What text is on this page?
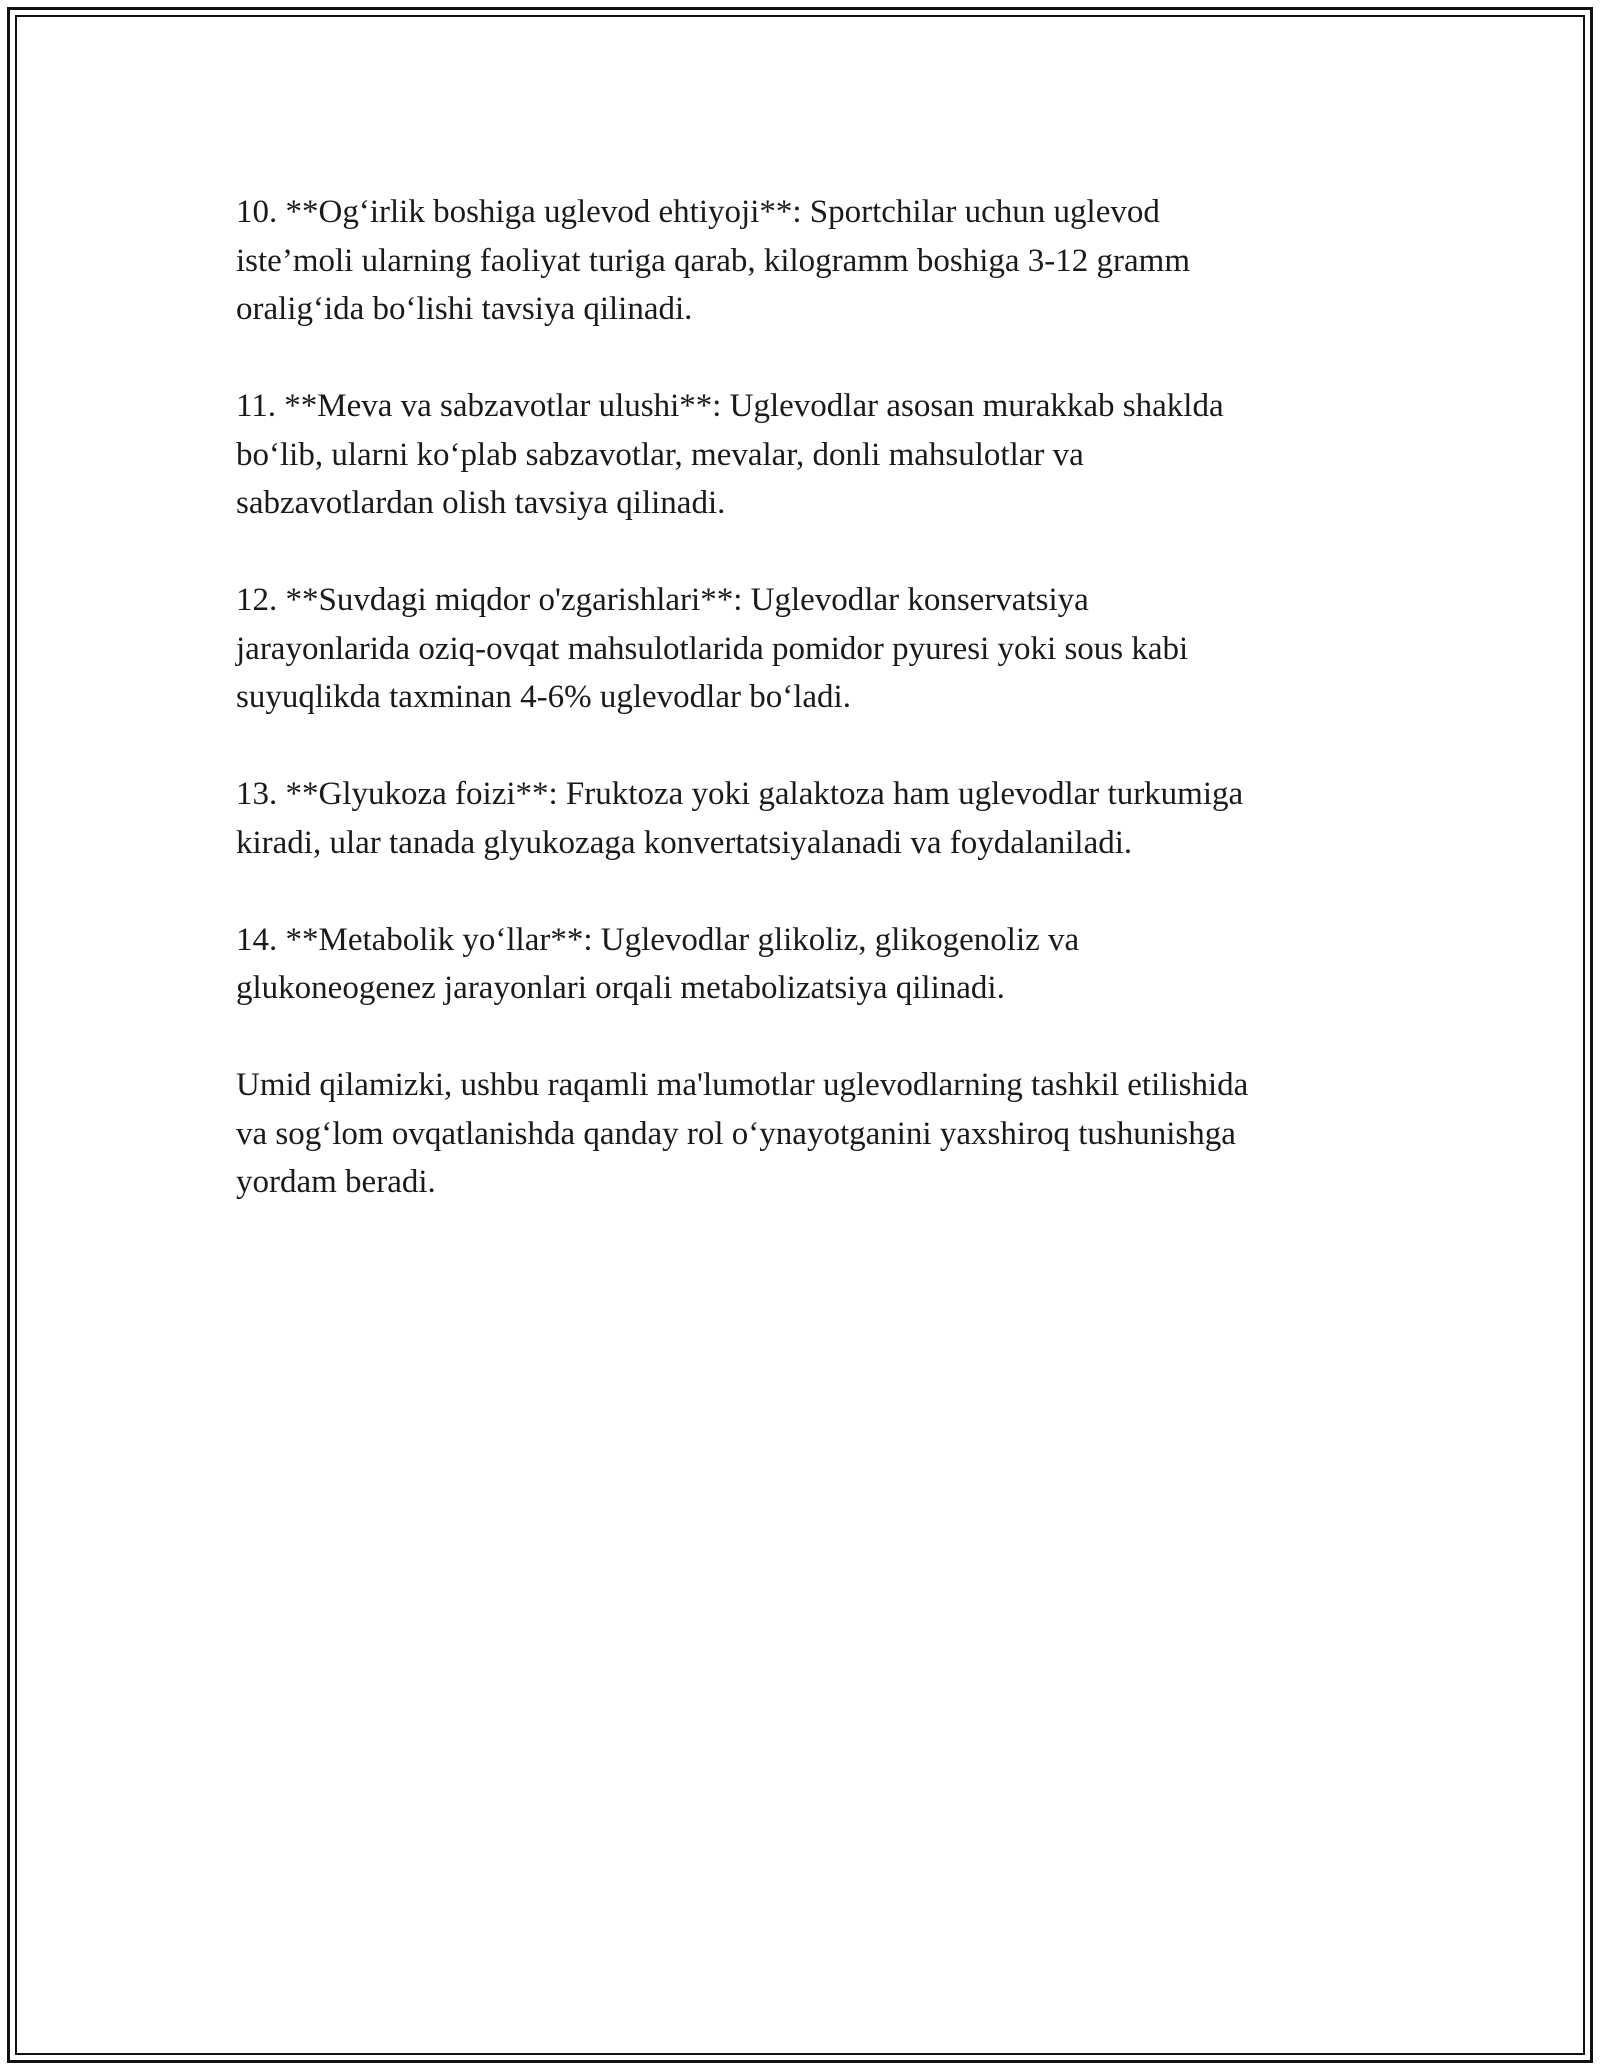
10. **Og‘irlik boshiga uglevod ehtiyoji**: Sportchilar uchun uglevod
iste’moli ularning faoliyat turiga qarab, kilogramm boshiga 3-12 gramm
oralig‘ida bo‘lishi tavsiya qilinadi.

11. **Meva va sabzavotlar ulushi**: Uglevodlar asosan murakkab shaklda
bo‘lib, ularni ko‘plab sabzavotlar, mevalar, donli mahsulotlar va
sabzavotlardan olish tavsiya qilinadi.

12. **Suvdagi miqdor o'zgarishlari**: Uglevodlar konservatsiya
jarayonlarida oziq-ovqat mahsulotlarida pomidor pyuresi yoki sous kabi
suyuqlikda taxminan 4-6% uglevodlar bo‘ladi.

13. **Glyukoza foizi**: Fruktoza yoki galaktoza ham uglevodlar turkumiga
kiradi, ular tanada glyukozaga konvertatsiyalanadi va foydalaniladi.

14. **Metabolik yo‘llar**: Uglevodlar glikoliz, glikogenoliz va
glukoneogenez jarayonlari orqali metabolizatsiya qilinadi.

Umid qilamizki, ushbu raqamli ma'lumotlar uglevodlarning tashkil etilishida
va sog‘lom ovqatlanishda qanday rol o‘ynayotganini yaxshiroq tushunishga
yordam beradi.
